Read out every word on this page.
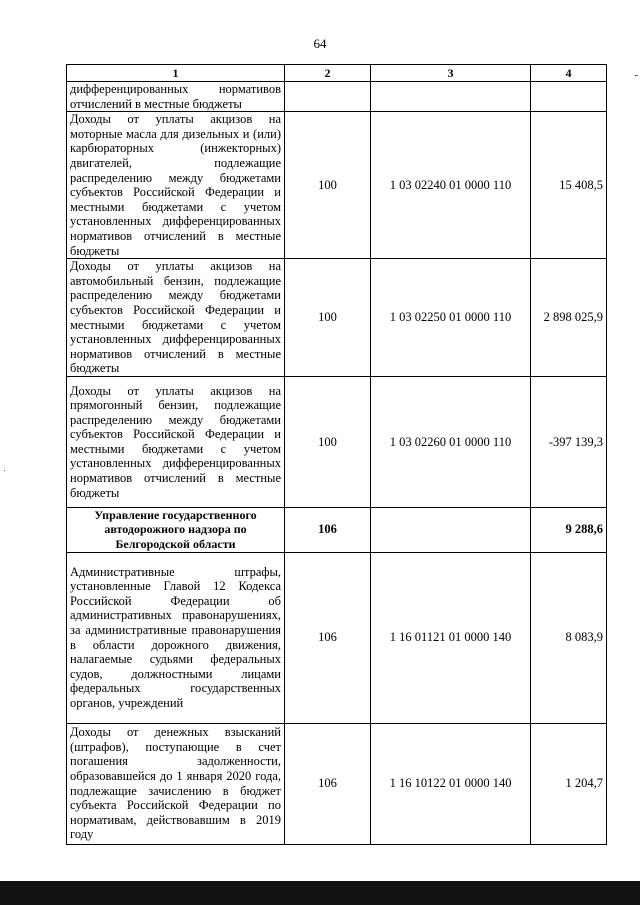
64
1	2	3	4
дифференцированных нормативов отчислений в местные бюджеты			
Доходы от уплаты акцизов на моторные масла для дизельных и (или) карбюраторных (инжекторных) двигателей, подлежащие распределению между бюджетами субъектов Российской Федерации и местными бюджетами с учетом установленных дифференцированных нормативов отчислений в местные бюджеты	100	1 03 02240 01 0000 110	15 408,5
Доходы от уплаты акцизов на автомобильный бензин, подлежащие распределению между бюджетами субъектов Российской Федерации и местными бюджетами с учетом установленных дифференцированных нормативов отчислений в местные бюджеты	100	1 03 02250 01 0000 110	2 898 025,9
Доходы от уплаты акцизов на прямогонный бензин, подлежащие распределению между бюджетами субъектов Российской Федерации и местными бюджетами с учетом установленных дифференцированных нормативов отчислений в местные бюджеты	100	1 03 02260 01 0000 110	-397 139,3
Управление государственного автодорожного надзора по Белгородской области	106		9 288,6
Административные штрафы, установленные Главой 12 Кодекса Российской Федерации об административных правонарушениях, за административные правонарушения в области дорожного движения, налагаемые судьями федеральных судов, должностными лицами федеральных государственных органов, учреждений	106	1 16 01121 01 0000 140	8 083,9
Доходы от денежных взысканий (штрафов), поступающие в счет погашения задолженности, образовавшейся до 1 января 2020 года, подлежащие зачислению в бюджет субъекта Российской Федерации по нормативам, действовавшим в 2019 году	106	1 16 10122 01 0000 140	1 204,7
